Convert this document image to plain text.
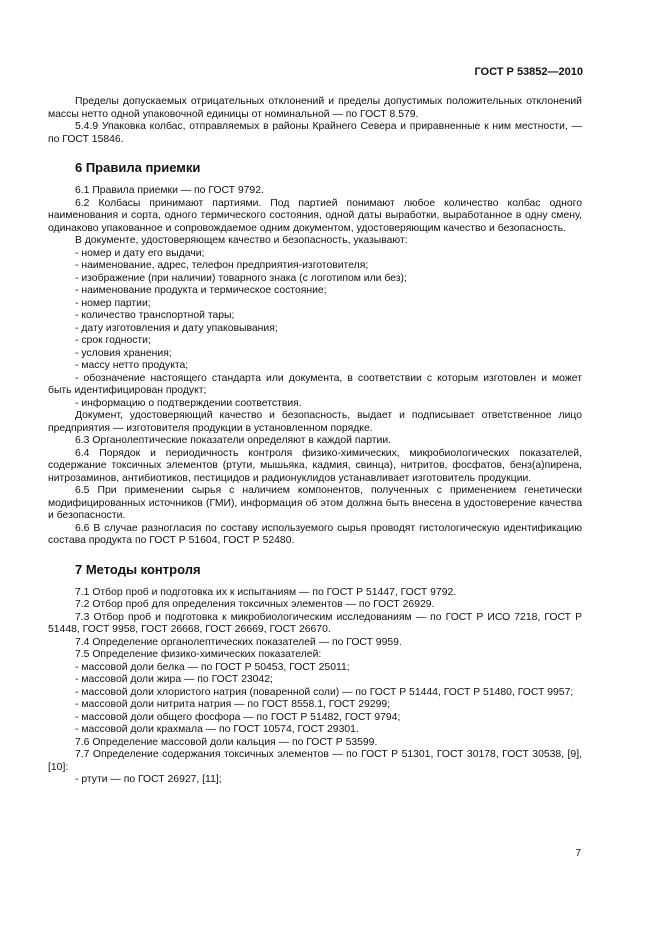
ГОСТ Р 53852—2010

Пределы допускаемых отрицательных отклонений и пределы допустимых положительных отклонений массы нетто одной упаковочной единицы от номинальной — по ГОСТ 8.579.

5.4.9 Упаковка колбас, отправляемых в районы Крайнего Севера и приравненные к ним местности, — по ГОСТ 15846.

6 Правила приемки

6.1 Правила приемки — по ГОСТ 9792.

6.2 Колбасы принимают партиями. Под партией понимают любое количество колбас одного наименования и сорта, одного термического состояния, одной даты выработки, выработанное в одну смену, одинаково упакованное и сопровождаемое одним документом, удостоверяющим качество и безопасность.

В документе, удостоверяющем качество и безопасность, указывают:

- номер и дату его выдачи;

- наименование, адрес, телефон предприятия-изготовителя;

- изображение (при наличии) товарного знака (с логотипом или без);

- наименование продукта и термическое состояние;

- номер партии;

- количество транспортной тары;

- дату изготовления и дату упаковывания;

- срок годности;

- условия хранения;

- массу нетто продукта;

- обозначение настоящего стандарта или документа, в соответствии с которым изготовлен и может быть идентифицирован продукт;

- информацию о подтверждении соответствия.

Документ, удостоверяющий качество и безопасность, выдает и подписывает ответственное лицо предприятия — изготовителя продукции в установленном порядке.

6.3 Органолептические показатели определяют в каждой партии.

6.4 Порядок и периодичность контроля физико-химических, микробиологических показателей, содержание токсичных элементов (ртути, мышьяка, кадмия, свинца), нитритов, фосфатов, бенз(а)пирена, нитрозаминов, антибиотиков, пестицидов и радионуклидов устанавливает изготовитель продукции.

6.5 При применении сырья с наличием компонентов, полученных с применением генетически модифицированных источников (ГМИ), информация об этом должна быть внесена в удостоверение качества и безопасности.

6.6 В случае разногласия по составу используемого сырья проводят гистологическую идентификацию состава продукта по ГОСТ Р 51604, ГОСТ Р 52480.

7 Методы контроля

7.1 Отбор проб и подготовка их к испытаниям — по ГОСТ Р 51447, ГОСТ 9792.

7.2 Отбор проб для определения токсичных элементов — по ГОСТ 26929.

7.3 Отбор проб и подготовка к микробиологическим исследованиям — по ГОСТ Р ИСО 7218, ГОСТ Р 51448, ГОСТ 9958, ГОСТ 26668, ГОСТ 26669, ГОСТ 26670.

7.4 Определение органолептических показателей — по ГОСТ 9959.

7.5 Определение физико-химических показателей:

- массовой доли белка — по ГОСТ Р 50453, ГОСТ 25011;

- массовой доли жира — по ГОСТ 23042;

- массовой доли хлористого натрия (поваренной соли) — по ГОСТ Р 51444, ГОСТ Р 51480, ГОСТ 9957;

- массовой доли нитрита натрия — по ГОСТ 8558.1, ГОСТ 29299;

- массовой доли общего фосфора — по ГОСТ Р 51482, ГОСТ 9794;

- массовой доли крахмала — по ГОСТ 10574, ГОСТ 29301.

7.6 Определение массовой доли кальция — по ГОСТ Р 53599.

7.7 Определение содержания токсичных элементов — по ГОСТ Р 51301, ГОСТ 30178, ГОСТ 30538, [9], [10]:

- ртути — по ГОСТ 26927, [11];

7
